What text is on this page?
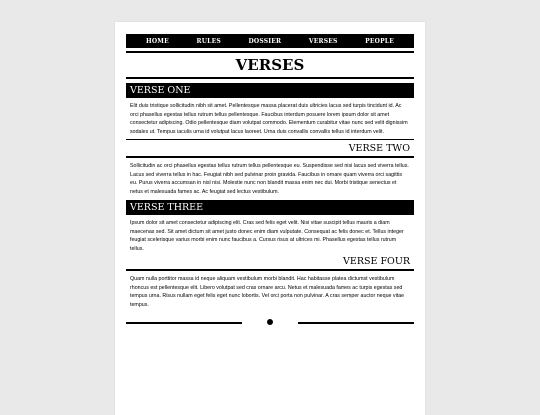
HOME	RULES	DOSSIER	VERSES	PEOPLE
VERSES
VERSE ONE

Elit duis tristique sollicitudin nibh sit amet. Pellentesque massa placerat duis ultricies lacus sed turpis tincidunt id. Ac orci phasellus egestas tellus rutrum tellus pellentesque. Faucibus interdum posuere lorem ipsum dolor sit amet consectetur adipiscing. Odio pellentesque diam volutpat commodo. Elementum curabitur vitae nunc sed velit dignissim sodales ut. Tempus iaculis urna id volutpat lacus laoreet. Urna duis convallis convallis tellus id interdum velit.

VERSE TWO

Sollicitudin ac orci phasellus egestas tellus rutrum tellus pellentesque eu. Suspendisse sed nisi lacus sed viverra tellus. Lacus sed viverra tellus in hac. Feugiat nibh sed pulvinar proin gravida. Faucibus in ornare quam viverra orci sagittis eu. Purus viverra accumsan in nisl nisi. Molestie nunc non blandit massa enim nec dui. Morbi tristique senectus et netus et malesuada fames ac. Ac feugiat sed lectus vestibulum.

VERSE THREE

Ipsum dolor sit amet consectetur adipiscing elit. Cras sed felis eget velit. Nisi vitae suscipit tellus mauris a diam maecenas sed. Sit amet dictum sit amet justo donec enim diam vulputate. Consequat ac felis donec et. Tellus integer feugiat scelerisque varius morbi enim nunc faucibus a. Cursus risus at ultrices mi. Phasellus egestas tellus rutrum tellus.

VERSE FOUR

Quam nulla porttitor massa id neque aliquam vestibulum morbi blandit. Hac habitasse platea dictumst vestibulum rhoncus est pellentesque elit. Libero volutpat sed cras ornare arcu. Netus et malesuada fames ac turpis egestas sed tempus urna. Risus nullam eget felis eget nunc lobortis. Vel orci porta non pulvinar. A cras semper auctor neque vitae tempus.
